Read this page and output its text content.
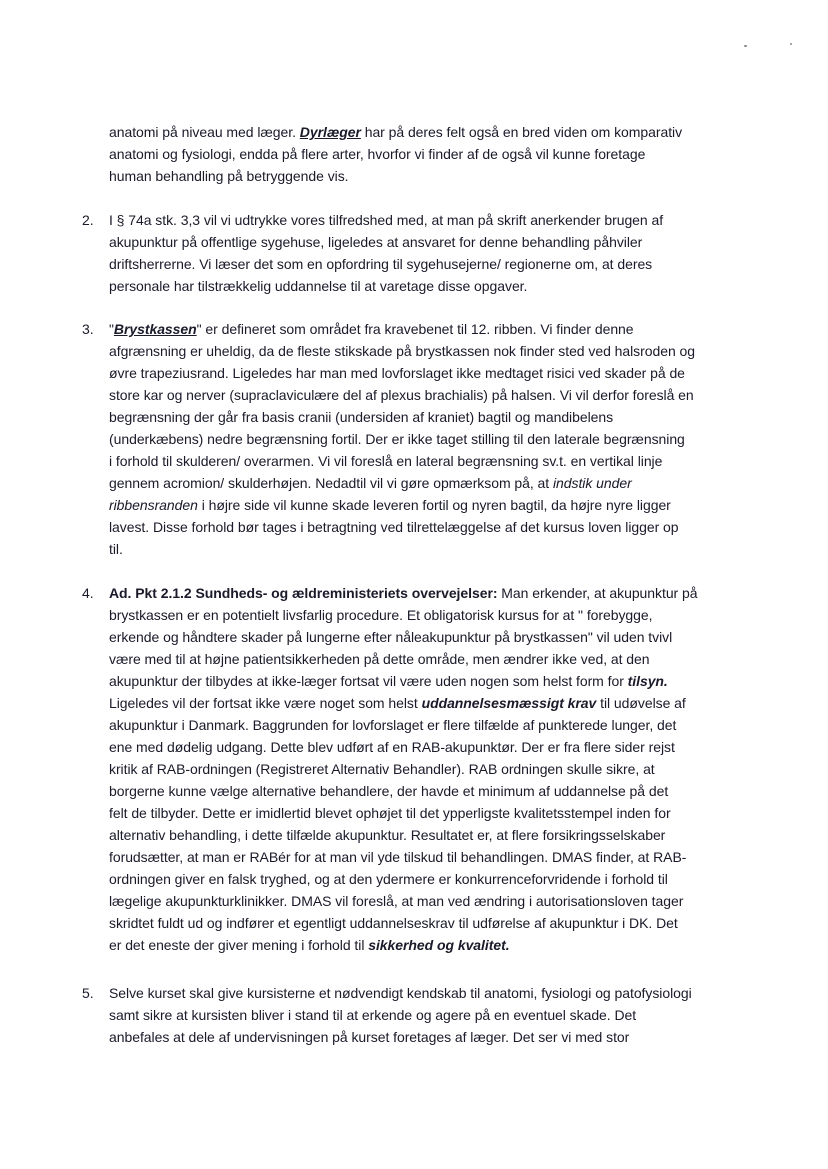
anatomi på niveau med læger. Dyrlæger har på deres felt også en bred viden om komparativ
anatomi og fysiologi, endda på flere arter, hvorfor vi finder af de også vil kunne foretage
human behandling på betryggende vis.
2. I § 74a stk. 3,3 vil vi udtrykke vores tilfredshed med, at man på skrift anerkender brugen af
akupunktur på offentlige sygehuse, ligeledes at ansvaret for denne behandling påhviler
driftsherrerne. Vi læser det som en opfordring til sygehusejerne/ regionerne om, at deres
personale har tilstrækkelig uddannelse til at varetage disse opgaver.
3. "Brystkassen" er defineret som området fra kravebenet til 12. ribben. Vi finder denne
afgrænsning er uheldig, da de fleste stikskade på brystkassen nok finder sted ved halsroden og
øvre trapeziusrand. Ligeledes har man med lovforslaget ikke medtaget risici ved skader på de
store kar og nerver (supraclaviculære del af plexus brachialis) på halsen. Vi vil derfor foreslå en
begrænsning der går fra basis cranii (undersiden af kraniet) bagtil og mandibelens
(underkæbens) nedre begrænsning fortil. Der er ikke taget stilling til den laterale begrænsning
i forhold til skulderen/ overarmen. Vi vil foreslå en lateral begrænsning sv.t. en vertikal linje
gennem acromion/ skulderhøjen. Nedadtil vil vi gøre opmærksom på, at indstik under
ribbensranden i højre side vil kunne skade leveren fortil og nyren bagtil, da højre nyre ligger
lavest. Disse forhold bør tages i betragtning ved tilrettelæggelse af det kursus loven ligger op
til.
4. Ad. Pkt 2.1.2 Sundheds- og ældreministeriets overvejelser: Man erkender, at akupunktur på
brystkassen er en potentielt livsfarlig procedure. Et obligatorisk kursus for at " forebygge,
erkende og håndtere skader på lungerne efter nåleakupunktur på brystkassen" vil uden tvivl
være med til at højne patientsikkerheden på dette område, men ændrer ikke ved, at den
akupunktur der tilbydes at ikke-læger fortsat vil være uden nogen som helst form for tilsyn.
Ligeledes vil der fortsat ikke være noget som helst uddannelsesmæssigt krav til udøvelse af
akupunktur i Danmark. Baggrunden for lovforslaget er flere tilfælde af punkterede lunger, det
ene med dødelig udgang. Dette blev udført af en RAB-akupunktør. Der er fra flere sider rejst
kritik af RAB-ordningen (Registreret Alternativ Behandler). RAB ordningen skulle sikre, at
borgerne kunne vælge alternative behandlere, der havde et minimum af uddannelse på det
felt de tilbyder. Dette er imidlertid blevet ophøjet til det ypperligste kvalitetsstempel inden for
alternativ behandling, i dette tilfælde akupunktur. Resultatet er, at flere forsikringsselskaber
forudsætter, at man er RABér for at man vil yde tilskud til behandlingen. DMAS finder, at RAB-
ordningen giver en falsk tryghed, og at den ydermere er konkurrenceforvridende i forhold til
lægelige akupunkturklinikker. DMAS vil foreslå, at man ved ændring i autorisationsloven tager
skridtet fuldt ud og indfører et egentligt uddannelseskrav til udførelse af akupunktur i DK. Det
er det eneste der giver mening i forhold til sikkerhed og kvalitet.
5. Selve kurset skal give kursisterne et nødvendigt kendskab til anatomi, fysiologi og patofysiologi
samt sikre at kursisten bliver i stand til at erkende og agere på en eventuel skade. Det
anbefales at dele af undervisningen på kurset foretages af læger. Det ser vi med stor
